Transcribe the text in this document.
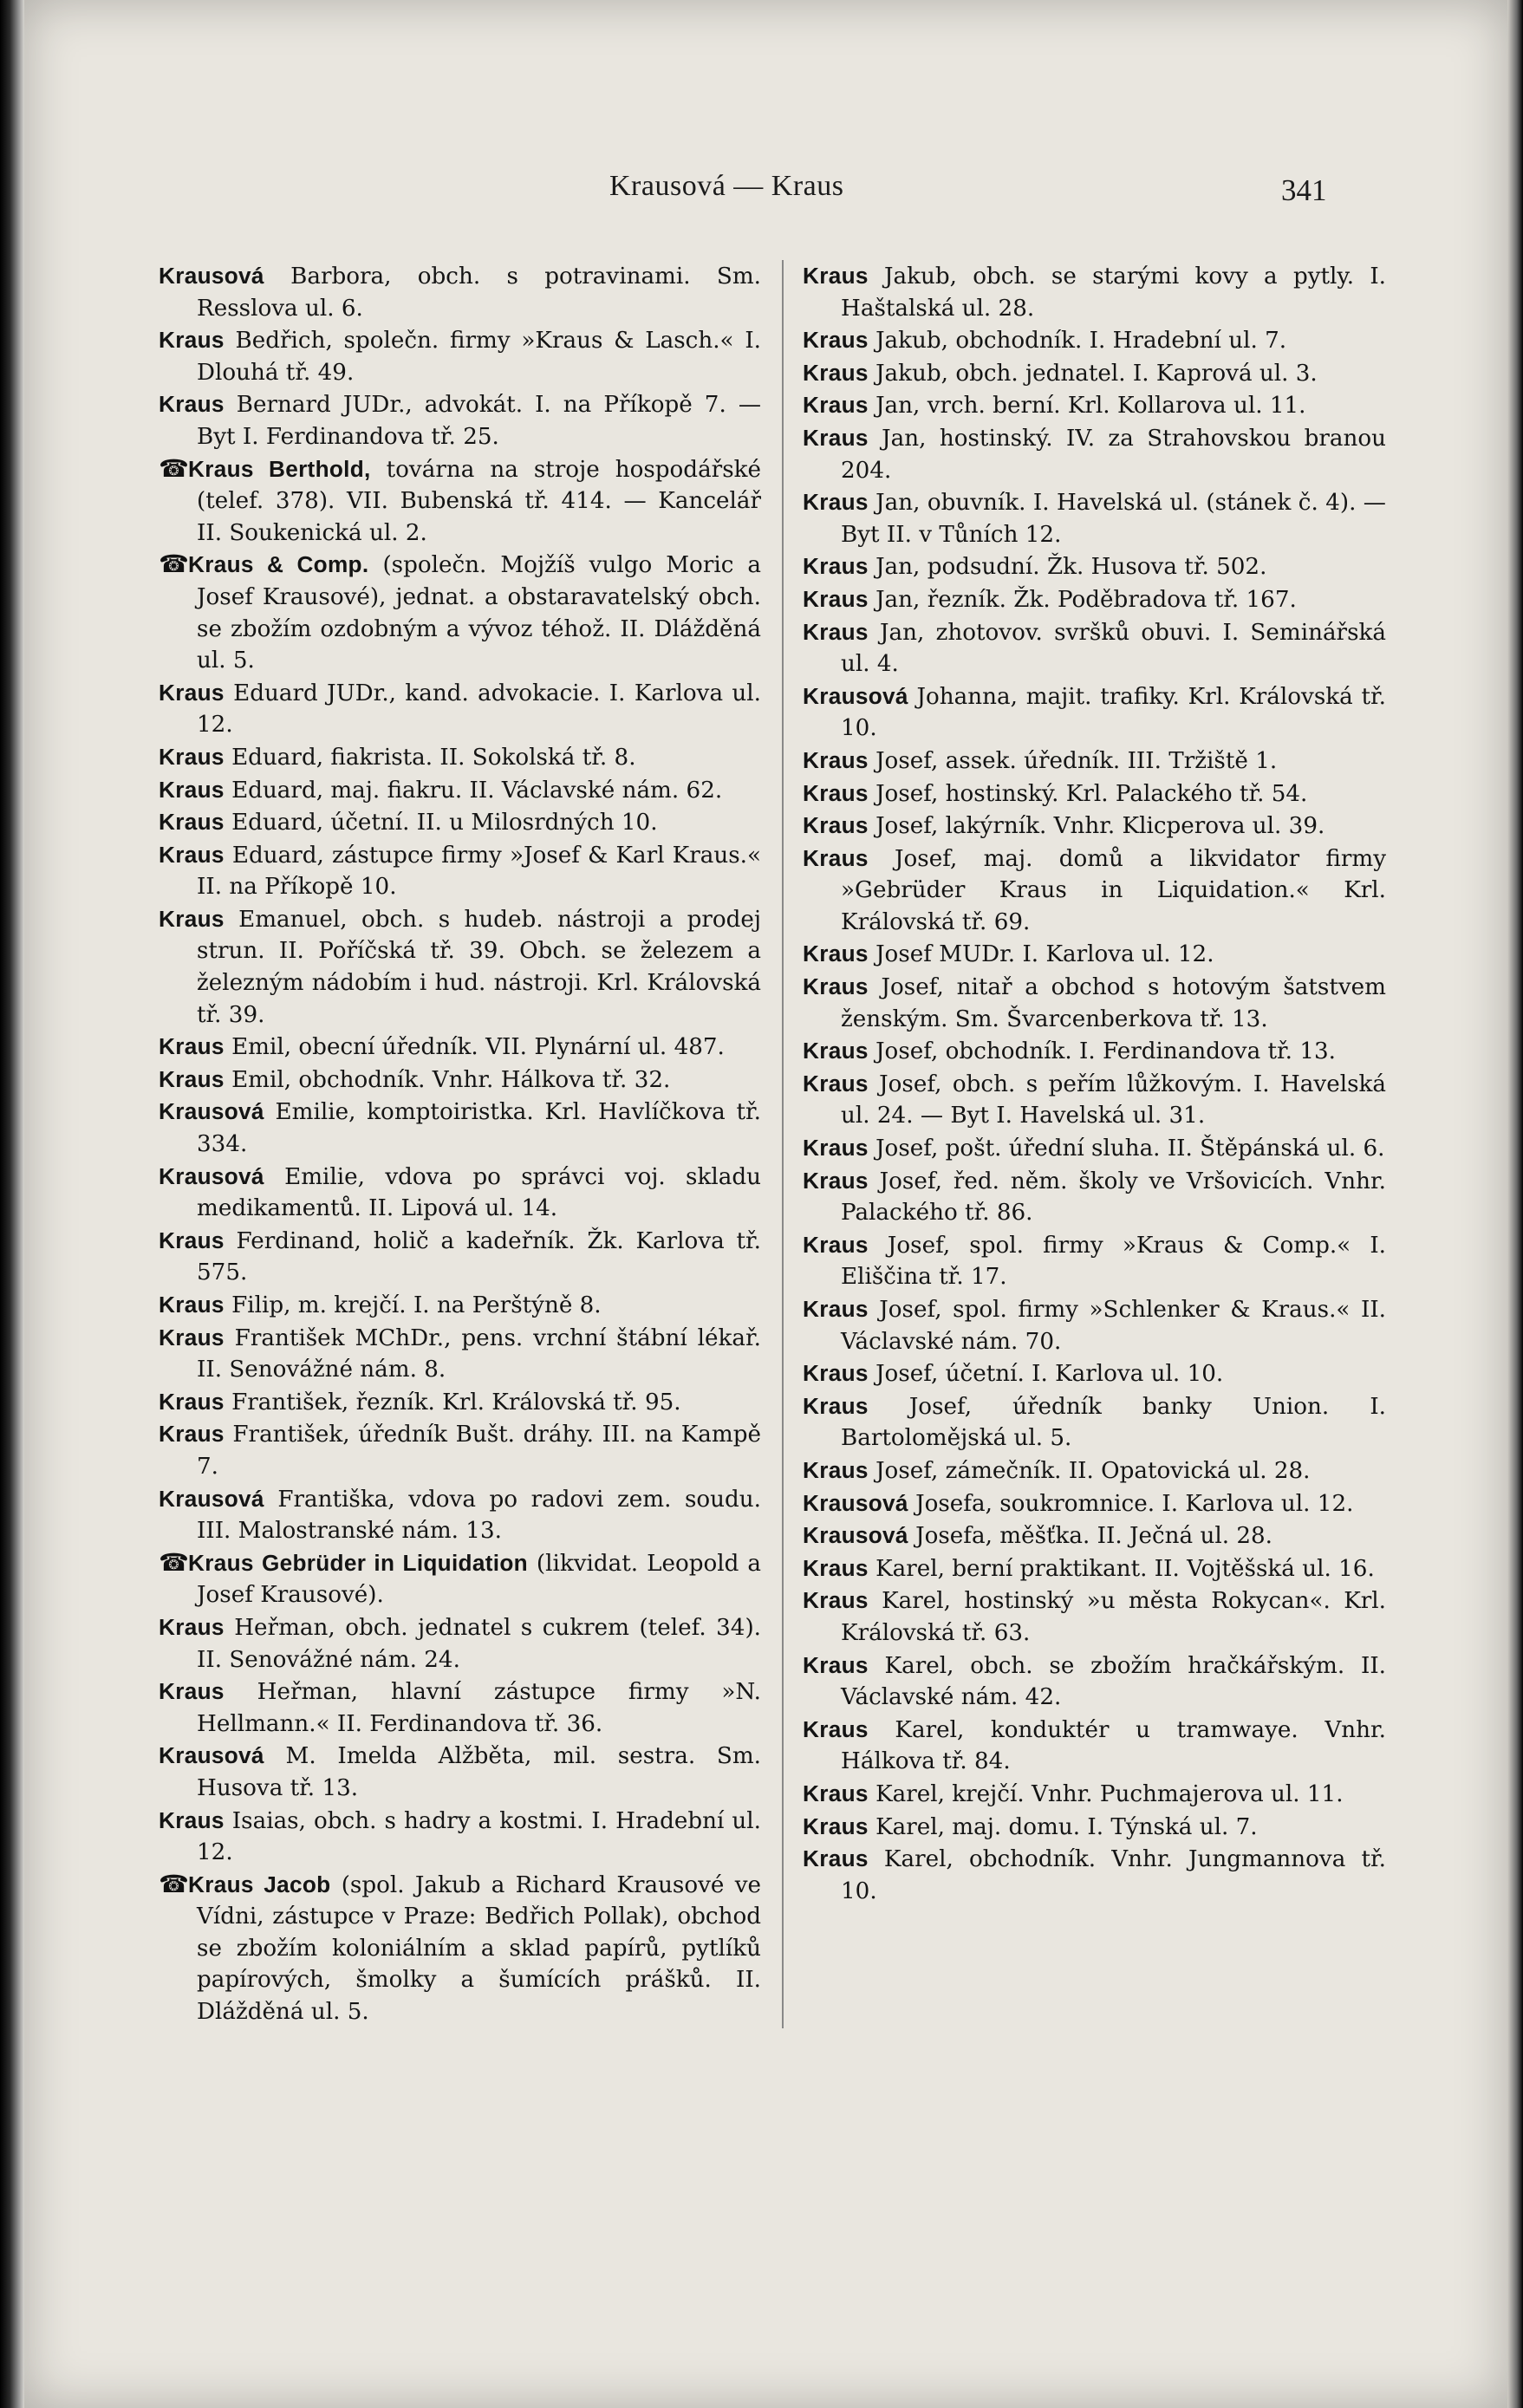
Krausová — Kraus	341
Krausová Barbora, obch. s potravinami. Sm. Resslova ul. 6.
Kraus Bedřich, společn. firmy »Kraus & Lasch.« I. Dlouhá tř. 49.
Kraus Bernard JUDr., advokát. I. na Příkopě 7. — Byt I. Ferdinandova tř. 25.
☎Kraus Berthold, továrna na stroje hospodářské (telef. 378). VII. Bubenská tř. 414. — Kancelář II. Soukenická ul. 2.
☎Kraus & Comp. (společn. Mojžíš vulgo Moric a Josef Krausové), jednat. a obstaravatelský obch. se zbožím ozdobným a vývoz téhož. II. Dlážděná ul. 5.
Kraus Eduard JUDr., kand. advokacie. I. Karlova ul. 12.
Kraus Eduard, fiakrista. II. Sokolská tř. 8.
Kraus Eduard, maj. fiakru. II. Václavské nám. 62.
Kraus Eduard, účetní. II. u Milosrdných 10.
Kraus Eduard, zástupce firmy »Josef & Karl Kraus.« II. na Příkopě 10.
Kraus Emanuel, obch. s hudeb. nástroji a prodej strun. II. Poříčská tř. 39. Obch. se železem a železným nádobím i hud. nástroji. Krl. Královská tř. 39.
Kraus Emil, obecní úředník. VII. Plynární ul. 487.
Kraus Emil, obchodník. Vnhr. Hálkova tř. 32.
Krausová Emilie, komptoiristka. Krl. Havlíčkova tř. 334.
Krausová Emilie, vdova po správci voj. skladu medikamentů. II. Lipová ul. 14.
Kraus Ferdinand, holič a kadeřník. Žk. Karlova tř. 575.
Kraus Filip, m. krejčí. I. na Perštýně 8.
Kraus František MChDr., pens. vrchní štábní lékař. II. Senovážné nám. 8.
Kraus František, řezník. Krl. Královská tř. 95.
Kraus František, úředník Bušt. dráhy. III. na Kampě 7.
Krausová Františka, vdova po radovi zem. soudu. III. Malostranské nám. 13.
☎Kraus Gebrüder in Liquidation (likvidat. Leopold a Josef Krausové).
Kraus Heřman, obch. jednatel s cukrem (telef. 34). II. Senovážné nám. 24.
Kraus Heřman, hlavní zástupce firmy »N. Hellmann.« II. Ferdinandova tř. 36.
Krausová M. Imelda Alžběta, mil. sestra. Sm. Husova tř. 13.
Kraus Isaias, obch. s hadry a kostmi. I. Hradební ul. 12.
☎Kraus Jacob (spol. Jakub a Richard Krausové ve Vídni, zástupce v Praze: Bedřich Pollak), obchod se zbožím koloniálním a sklad papírů, pytlíků papírových, šmolky a šumících prášků. II. Dlážděná ul. 5.
Kraus Jakub, obch. se starými kovy a pytly. I. Haštalská ul. 28.
Kraus Jakub, obchodník. I. Hradební ul. 7.
Kraus Jakub, obch. jednatel. I. Kaprová ul. 3.
Kraus Jan, vrch. berní. Krl. Kollarova ul. 11.
Kraus Jan, hostinský. IV. za Strahovskou branou 204.
Kraus Jan, obuvník. I. Havelská ul. (stánek č. 4). — Byt II. v Tůních 12.
Kraus Jan, podsudní. Žk. Husova tř. 502.
Kraus Jan, řezník. Žk. Poděbradova tř. 167.
Kraus Jan, zhotovov. svršků obuvi. I. Seminářská ul. 4.
Krausová Johanna, majit. trafiky. Krl. Královská tř. 10.
Kraus Josef, assek. úředník. III. Tržiště 1.
Kraus Josef, hostinský. Krl. Palackého tř. 54.
Kraus Josef, lakýrník. Vnhr. Klicperova ul. 39.
Kraus Josef, maj. domů a likvidator firmy »Gebrüder Kraus in Liquidation.« Krl. Královská tř. 69.
Kraus Josef MUDr. I. Karlova ul. 12.
Kraus Josef, nitař a obchod s hotovým šatstvem ženským. Sm. Švarcenberkova tř. 13.
Kraus Josef, obchodník. I. Ferdinandova tř. 13.
Kraus Josef, obch. s peřím lůžkovým. I. Havelská ul. 24. — Byt I. Havelská ul. 31.
Kraus Josef, pošt. úřední sluha. II. Štěpánská ul. 6.
Kraus Josef, řed. něm. školy ve Vršovicích. Vnhr. Palackého tř. 86.
Kraus Josef, spol. firmy »Kraus & Comp.« I. Eliščina tř. 17.
Kraus Josef, spol. firmy »Schlenker & Kraus.« II. Václavské nám. 70.
Kraus Josef, účetní. I. Karlova ul. 10.
Kraus Josef, úředník banky Union. I. Bartolomějská ul. 5.
Kraus Josef, zámečník. II. Opatovická ul. 28.
Krausová Josefa, soukromnice. I. Karlova ul. 12.
Krausová Josefa, měšťka. II. Ječná ul. 28.
Kraus Karel, berní praktikant. II. Vojtěšská ul. 16.
Kraus Karel, hostinský »u města Rokycan«. Krl. Královská tř. 63.
Kraus Karel, obch. se zbožím hračkářským. II. Václavské nám. 42.
Kraus Karel, konduktér u tramwaye. Vnhr. Hálkova tř. 84.
Kraus Karel, krejčí. Vnhr. Puchmajerova ul. 11.
Kraus Karel, maj. domu. I. Týnská ul. 7.
Kraus Karel, obchodník. Vnhr. Jungmannova tř. 10.
